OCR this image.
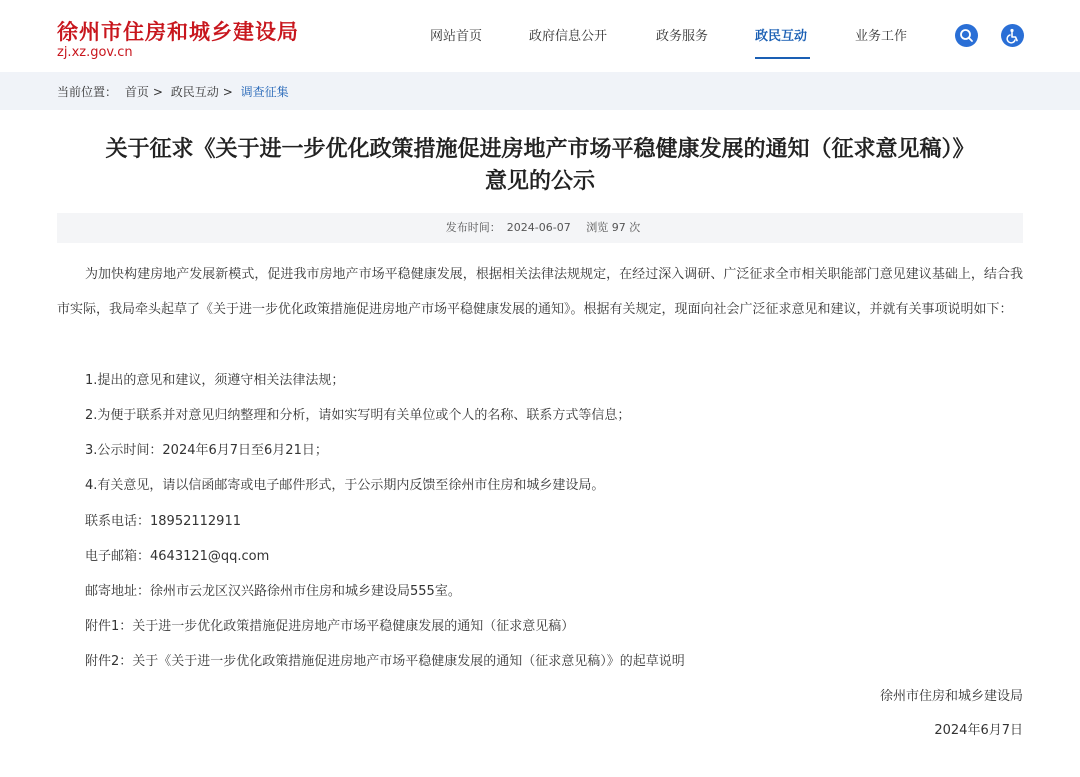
徐州市住房和城乡建设局
zj.xz.gov.cn
网站首页	政府信息公开	政务服务	政民互动	业务工作
当前位置： 首页 > 政民互动 > 调查征集
关于征求《关于进一步优化政策措施促进房地产市场平稳健康发展的通知（征求意见稿）》
意见的公示
发布时间： 2024-06-07 浏览 97 次
为加快构建房地产发展新模式，促进我市房地产市场平稳健康发展，根据相关法律法规规定，在经过深入调研、广泛征求全市相关职能部门意见建议基础上，结合我市实际，我局牵头起草了《关于进一步优化政策措施促进房地产市场平稳健康发展的通知》。根据有关规定，现面向社会广泛征求意见和建议，并就有关事项说明如下：
1.提出的意见和建议，须遵守相关法律法规；
2.为便于联系并对意见归纳整理和分析，请如实写明有关单位或个人的名称、联系方式等信息；
3.公示时间：2024年6月7日至6月21日；
4.有关意见，请以信函邮寄或电子邮件形式，于公示期内反馈至徐州市住房和城乡建设局。
联系电话：18952112911
电子邮箱：4643121@qq.com
邮寄地址：徐州市云龙区汉兴路徐州市住房和城乡建设局555室。
附件1：关于进一步优化政策措施促进房地产市场平稳健康发展的通知（征求意见稿）
附件2：关于《关于进一步优化政策措施促进房地产市场平稳健康发展的通知（征求意见稿）》的起草说明
徐州市住房和城乡建设局
2024年6月7日
